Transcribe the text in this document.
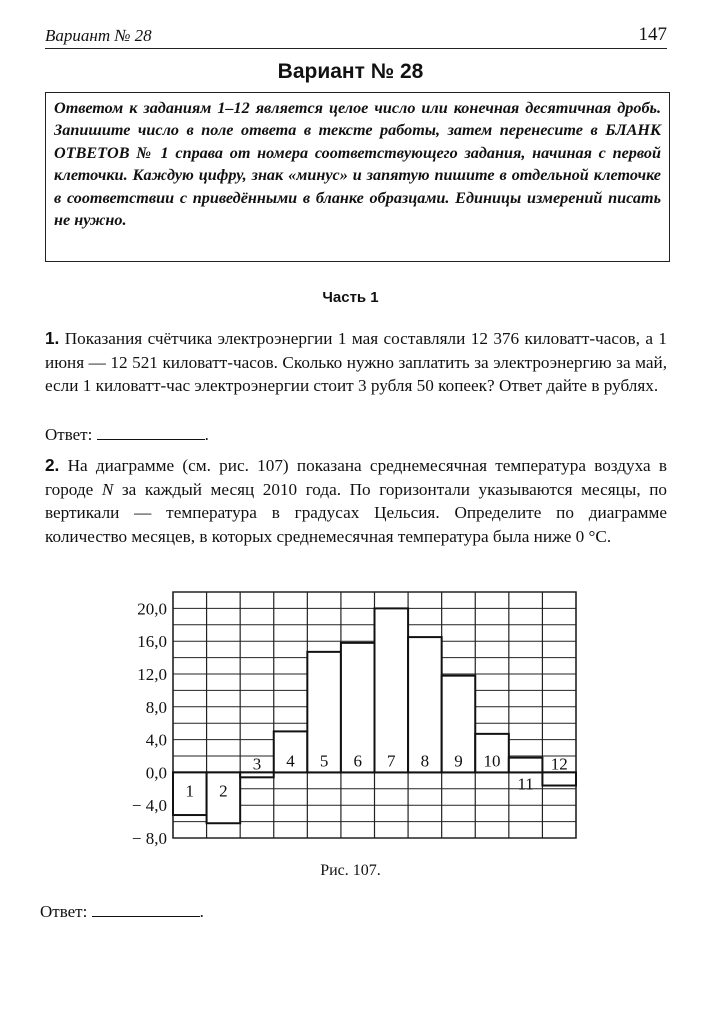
Вариант № 28	147
Вариант № 28
Ответом к заданиям 1–12 является целое число или конечная десятичная дробь. Запишите число в поле ответа в тексте работы, затем перенесите в БЛАНК ОТВЕТОВ № 1 справа от номера соответствующего задания, начиная с первой клеточки. Каждую цифру, знак «минус» и запятую пишите в отдельной клеточке в соответствии с приведёнными в бланке образцами. Единицы измерений писать не нужно.
Часть 1
1. Показания счётчика электроэнергии 1 мая составляли 12 376 киловатт-часов, а 1 июня — 12 521 киловатт-часов. Сколько нужно заплатить за электроэнергию за май, если 1 киловатт-час электроэнергии стоит 3 рубля 50 копеек? Ответ дайте в рублях.
Ответ:	.
2. На диаграмме (см. рис. 107) показана среднемесячная температура воздуха в городе N за каждый месяц 2010 года. По горизонтали указываются месяцы, по вертикали — температура в градусах Цельсия. Определите по диаграмме количество месяцев, в которых среднемесячная температура была ниже 0 °C.
1 2
3 4 5 6 7 8 9 10
11
12
20,0
16,0
12,0
8,0
4,0
0,0
− 4,0
− 8,0
Рис. 107.
Ответ:	.
